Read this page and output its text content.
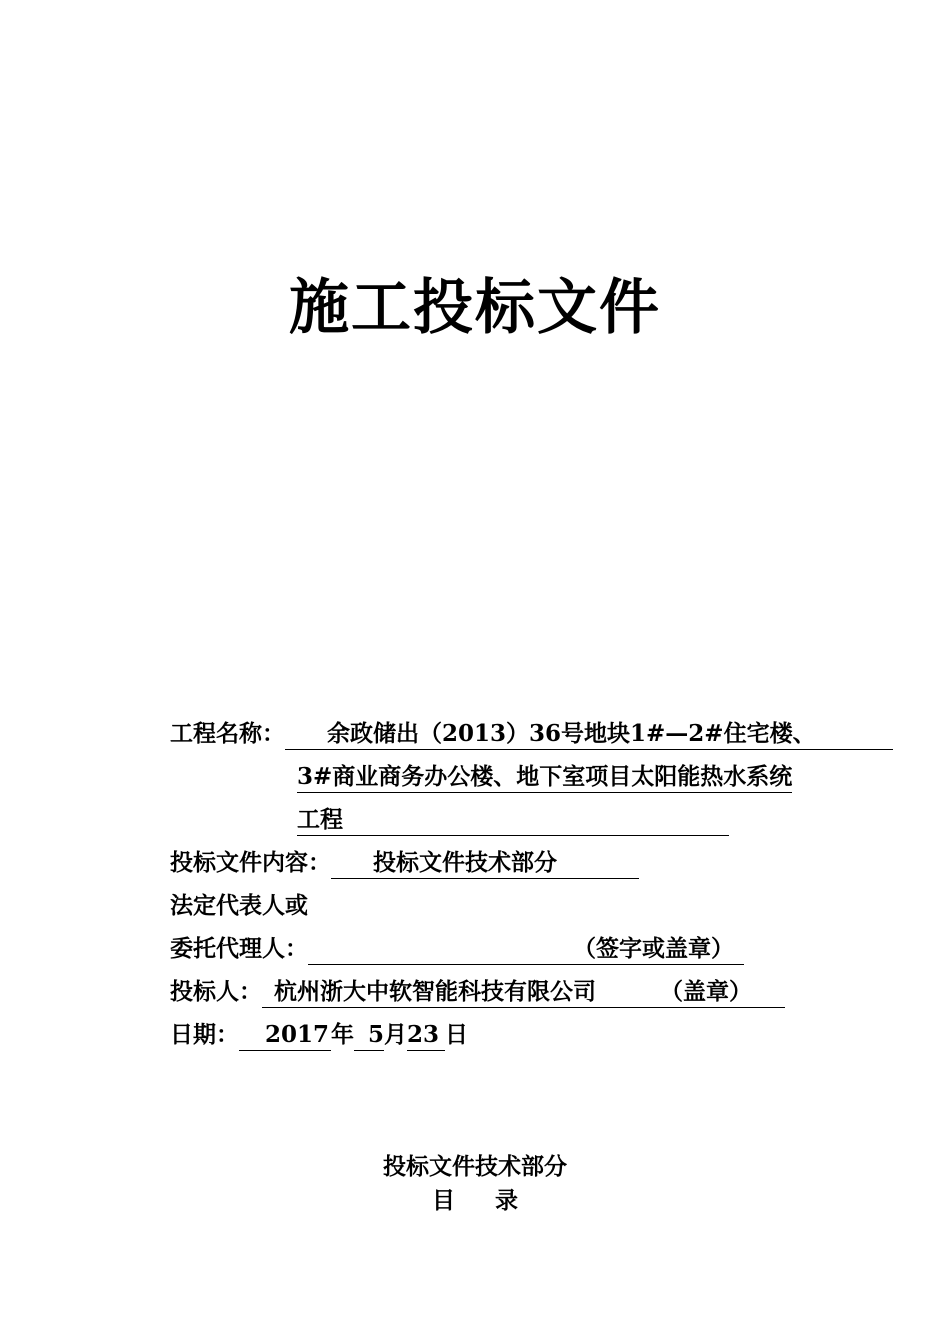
施工投标文件
工程名称： 余政储出（2013）36号地块1#—2#住宅楼、
3#商业商务办公楼、地下室项目太阳能热水系统
工程
投标文件内容： 投标文件技术部分
法定代表人或
委托代理人：	（签字或盖章）
投标人： 杭州浙大中软智能科技有限公司	（盖章）
日期： 2017年 5月23 日
投标文件技术部分
目 录
